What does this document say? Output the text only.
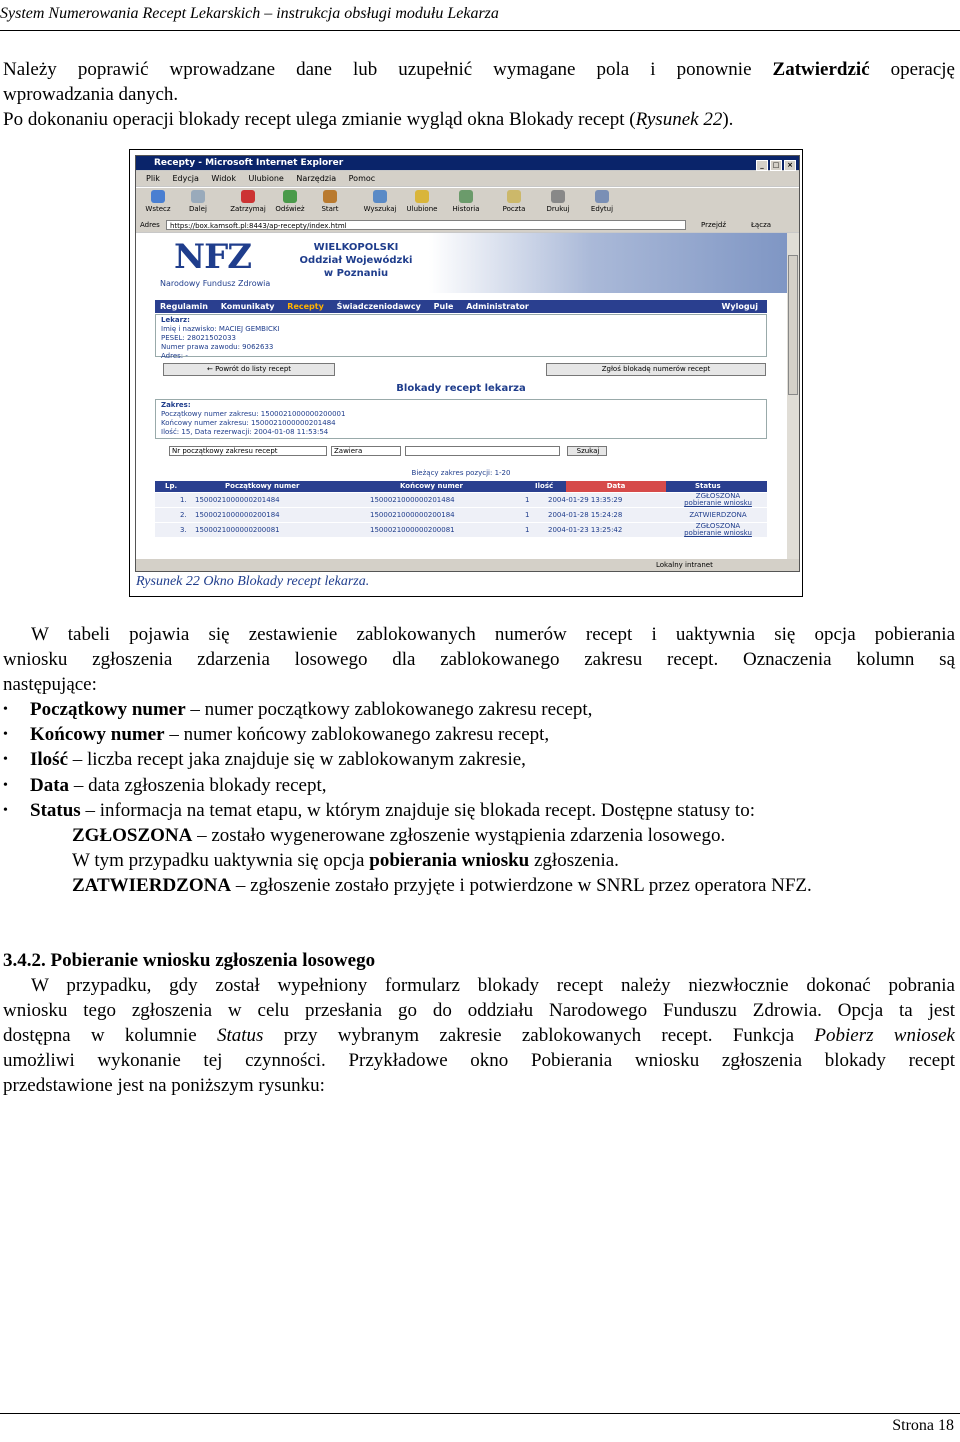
System Numerowania Recept Lekarskich – instrukcja obsługi modułu Lekarza
Należy poprawić wprowadzane dane lub uzupełnić wymagane pola i ponownie Zatwierdzić operację
wprowadzania danych.
Po dokonaniu operacji blokady recept ulega zmianie wygląd okna Blokady recept (Rysunek 22).
Recepty - Microsoft Internet Explorer	_ □ ×
Plik Edycja Widok Ulubione Narzędzia Pomoc
Wstecz	Dalej	Zatrzymaj	Odśwież	Start	Wyszukaj	Ulubione	Historia	Poczta	Drukuj	Edytuj
Adres	https://box.kamsoft.pl:8443/ap-recepty/index.html	Przejdź	Łącza
NFZ
Narodowy Fundusz Zdrowia
WIELKOPOLSKI
Oddział Wojewódzki
w Poznaniu
Regulamin Komunikaty Recepty Świadczeniodawcy Pule Administrator	Wyloguj
Lekarz:
Imię i nazwisko: MACIEJ GEMBICKI
PESEL: 28021502033
Numer prawa zawodu: 9062633
Adres: -
← Powrót do listy recept	Zgłoś blokadę numerów recept
Blokady recept lekarza
Zakres:
Początkowy numer zakresu: 1500021000000200001
Końcowy numer zakresu: 1500021000000201484
Ilość: 15, Data rezerwacji: 2004-01-08 11:53:54
Nr początkowy zakresu recept	Zawiera	Szukaj
Bieżący zakres pozycji: 1-20
Lp.	Początkowy numer	Końcowy numer	Ilość	Data	Status
1. 1500021000000201484	1500021000000201484	1	2004-01-29 13:35:29	ZGŁOSZONA
pobieranie wniosku
2. 1500021000000200184	1500021000000200184	1	2004-01-28 15:24:28	ZATWIERDZONA
3. 1500021000000200081	1500021000000200081	1	2004-01-23 13:25:42	ZGŁOSZONA
pobieranie wniosku
Lokalny intranet
Rysunek 22 Okno Blokady recept lekarza.
W tabeli pojawia się zestawienie zablokowanych numerów recept i uaktywnia się opcja pobierania
wniosku zgłoszenia zdarzenia losowego dla zablokowanego zakresu recept. Oznaczenia kolumn są
następujące:
• Początkowy numer – numer początkowy zablokowanego zakresu recept,
• Końcowy numer – numer końcowy zablokowanego zakresu recept,
• Ilość – liczba recept jaka znajduje się w zablokowanym zakresie,
• Data – data zgłoszenia blokady recept,
• Status – informacja na temat etapu, w którym znajduje się blokada recept. Dostępne statusy to:
ZGŁOSZONA – zostało wygenerowane zgłoszenie wystąpienia zdarzenia losowego.
W tym przypadku uaktywnia się opcja pobierania wniosku zgłoszenia.
ZATWIERDZONA – zgłoszenie zostało przyjęte i potwierdzone w SNRL przez operatora NFZ.
3.4.2. Pobieranie wniosku zgłoszenia losowego
W przypadku, gdy został wypełniony formularz blokady recept należy niezwłocznie dokonać pobrania
wniosku tego zgłoszenia w celu przesłania go do oddziału Narodowego Funduszu Zdrowia. Opcja ta jest
dostępna w kolumnie Status przy wybranym zakresie zablokowanych recept. Funkcja Pobierz wniosek
umożliwi wykonanie tej czynności. Przykładowe okno Pobierania wniosku zgłoszenia blokady recept
przedstawione jest na poniższym rysunku:
Strona 18
